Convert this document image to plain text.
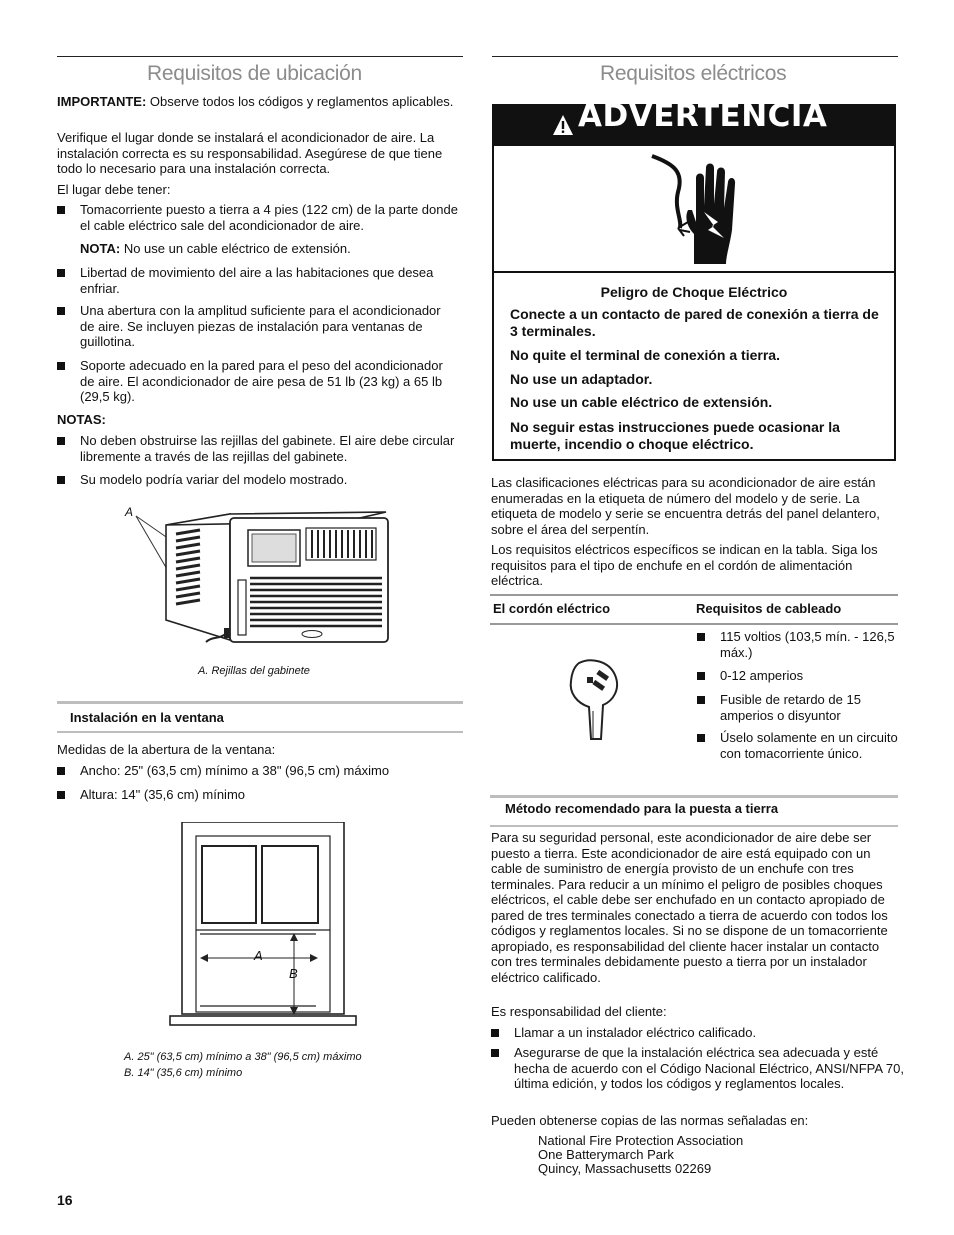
Requisitos de ubicación

IMPORTANTE: Observe todos los códigos y reglamentos aplicables.

Verifique el lugar donde se instalará el acondicionador de aire. La instalación correcta es su responsabilidad. Asegúrese de que tiene todo lo necesario para una instalación correcta.

El lugar debe tener:

Tomacorriente puesto a tierra a 4 pies (122 cm) de la parte donde el cable eléctrico sale del acondicionador de aire.

NOTA: No use un cable eléctrico de extensión.

Libertad de movimiento del aire a las habitaciones que desea enfriar.

Una abertura con la amplitud suficiente para el acondicionador de aire. Se incluyen piezas de instalación para ventanas de guillotina.

Soporte adecuado en la pared para el peso del acondicionador de aire. El acondicionador de aire pesa de 51 lb (23 kg) a 65 lb (29,5 kg).

NOTAS:

No deben obstruirse las rejillas del gabinete. El aire debe circular libremente a través de las rejillas del gabinete.

Su modelo podría variar del modelo mostrado.

A
A. Rejillas del gabinete
Instalación en la ventana

Medidas de la abertura de la ventana:

Ancho: 25" (63,5 cm) mínimo a 38" (96,5 cm) máximo

Altura: 14" (35,6 cm) mínimo

A
B
A. 25" (63,5 cm) mínimo a 38" (96,5 cm) máximo
B. 14" (35,6 cm) mínimo
Requisitos eléctricos
ADVERTENCIA
Peligro de Choque Eléctrico

Conecte a un contacto de pared de conexión a tierra de 3 terminales.

No quite el terminal de conexión a tierra.

No use un adaptador.

No use un cable eléctrico de extensión.

No seguir estas instrucciones puede ocasionar la muerte, incendio o choque eléctrico.

Las clasificaciones eléctricas para su acondicionador de aire están enumeradas en la etiqueta de número del modelo y de serie. La etiqueta de modelo y serie se encuentra detrás del panel delantero, sobre el área del serpentín.

Los requisitos eléctricos específicos se indican en la tabla. Siga los requisitos para el tipo de enchufe en el cordón de alimentación eléctrica.

El cordón eléctrico	Requisitos de cableado

115 voltios (103,5 mín. - 126,5 máx.)

0-12 amperios

Fusible de retardo de 15 amperios o disyuntor

Úselo solamente en un circuito con tomacorriente único.

Método recomendado para la puesta a tierra

Para su seguridad personal, este acondicionador de aire debe ser puesto a tierra. Este acondicionador de aire está equipado con un cable de suministro de energía provisto de un enchufe con tres terminales. Para reducir a un mínimo el peligro de posibles choques eléctricos, el cable debe ser enchufado en un contacto apropiado de pared de tres terminales conectado a tierra de acuerdo con todos los códigos y reglamentos locales. Si no se dispone de un tomacorriente apropiado, es responsabilidad del cliente hacer instalar un contacto con tres terminales debidamente puesto a tierra por un instalador eléctrico calificado.

Es responsabilidad del cliente:

Llamar a un instalador eléctrico calificado.

Asegurarse de que la instalación eléctrica sea adecuada y esté hecha de acuerdo con el Código Nacional Eléctrico, ANSI/NFPA 70, última edición, y todos los códigos y reglamentos locales.

Pueden obtenerse copias de las normas señaladas en:

National Fire Protection Association

One Batterymarch Park

Quincy, Massachusetts 02269

16
